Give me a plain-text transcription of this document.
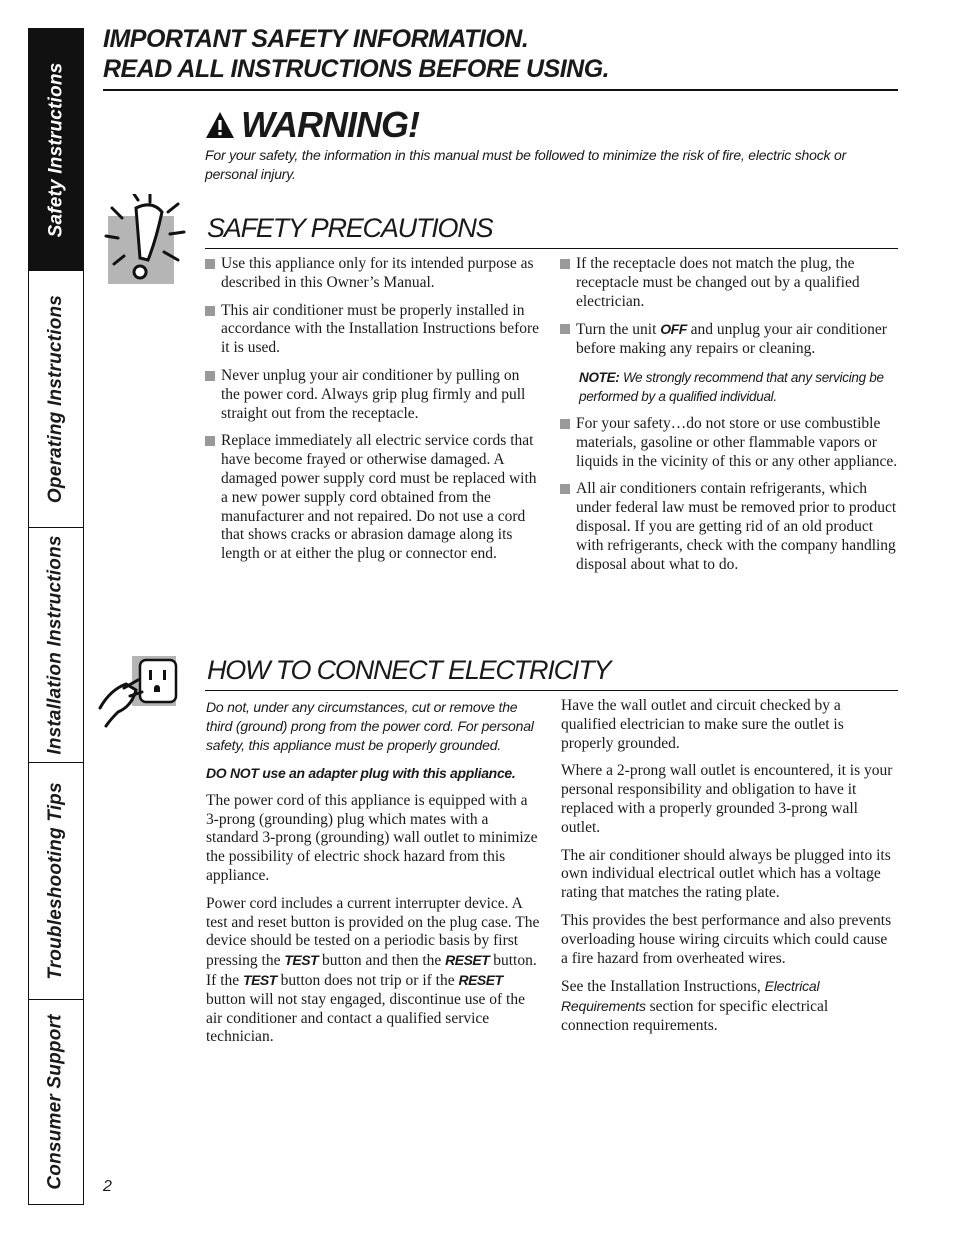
Safety Instructions
Operating Instructions
Installation Instructions
Troubleshooting Tips
Consumer Support
IMPORTANT SAFETY INFORMATION.
READ ALL INSTRUCTIONS BEFORE USING.
WARNING!
For your safety, the information in this manual must be followed to minimize the risk of fire, electric shock or personal injury.
SAFETY PRECAUTIONS
Use this appliance only for its intended purpose as described in this Owner’s Manual.
This air conditioner must be properly installed in accordance with the Installation Instructions before it is used.
Never unplug your air conditioner by pulling on the power cord. Always grip plug firmly and pull straight out from the receptacle.
Replace immediately all electric service cords that have become frayed or otherwise damaged. A damaged power supply cord must be replaced with a new power supply cord obtained from the manufacturer and not repaired. Do not use a cord that shows cracks or abrasion damage along its length or at either the plug or connector end.
If the receptacle does not match the plug, the receptacle must be changed out by a qualified electrician.
Turn the unit OFF and unplug your air conditioner before making any repairs or cleaning.
NOTE: We strongly recommend that any servicing be performed by a qualified individual.
For your safety…do not store or use combustible materials, gasoline or other flammable vapors or liquids in the vicinity of this or any other appliance.
All air conditioners contain refrigerants, which under federal law must be removed prior to product disposal. If you are getting rid of an old product with refrigerants, check with the company handling disposal about what to do.
HOW TO CONNECT ELECTRICITY
Do not, under any circumstances, cut or remove the third (ground) prong from the power cord. For personal safety, this appliance must be properly grounded.
DO NOT use an adapter plug with this appliance.
The power cord of this appliance is equipped with a 3-prong (grounding) plug which mates with a standard 3-prong (grounding) wall outlet to minimize the possibility of electric shock hazard from this appliance.
Power cord includes a current interrupter device. A test and reset button is provided on the plug case. The device should be tested on a periodic basis by first pressing the TEST button and then the RESET button. If the TEST button does not trip or if the RESET button will not stay engaged, discontinue use of the air conditioner and contact a qualified service technician.
Have the wall outlet and circuit checked by a qualified electrician to make sure the outlet is properly grounded.
Where a 2-prong wall outlet is encountered, it is your personal responsibility and obligation to have it replaced with a properly grounded 3-prong wall outlet.
The air conditioner should always be plugged into its own individual electrical outlet which has a voltage rating that matches the rating plate.
This provides the best performance and also prevents overloading house wiring circuits which could cause a fire hazard from overheated wires.
See the Installation Instructions, Electrical Requirements section for specific electrical connection requirements.
2
